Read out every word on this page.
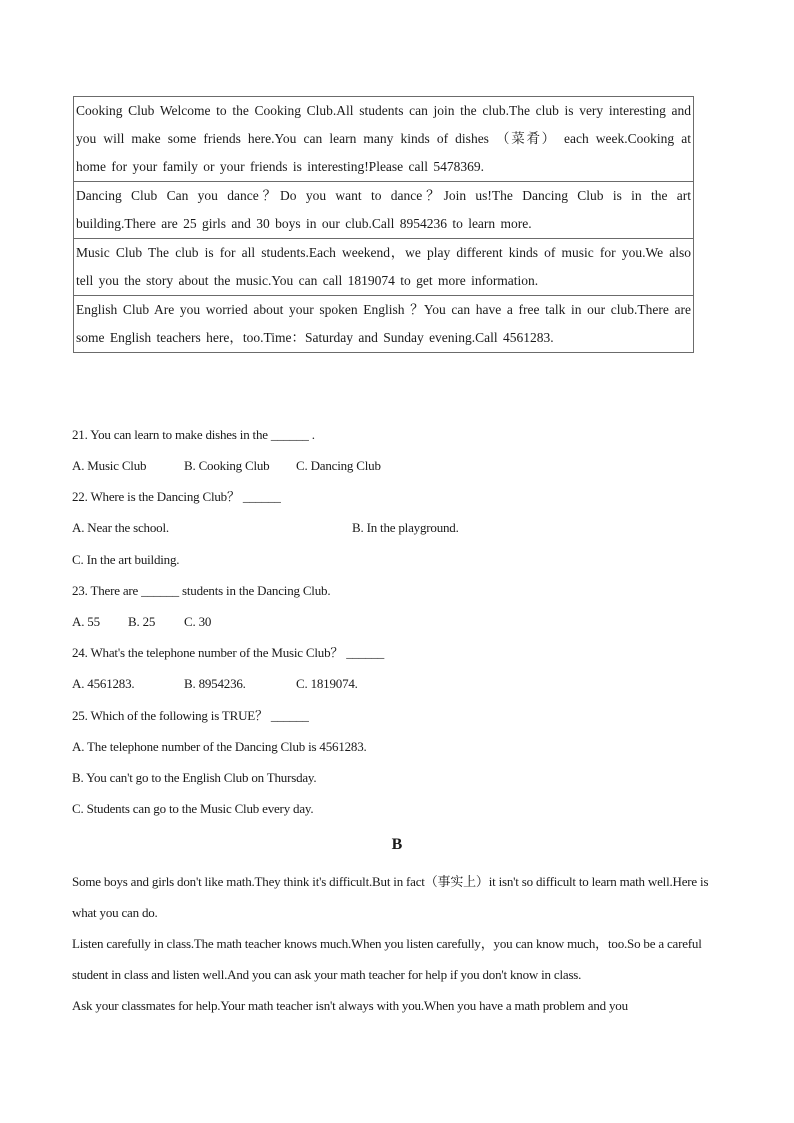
Cooking Club Welcome to the Cooking Club.All students can join the club.The club is very interesting and you will make some friends here.You can learn many kinds of dishes （菜肴） each week.Cooking at home for your family or your friends is interesting!Please call 5478369.
Dancing Club Can you dance？Do you want to dance？Join us!The Dancing Club is in the art building.There are 25 girls and 30 boys in our club.Call 8954236 to learn more.
Music Club The club is for all students.Each weekend，we play different kinds of music for you.We also tell you the story about the music.You can call 1819074 to get more information.
English Club Are you worried about your spoken English ？You can have a free talk in our club.There are some English teachers here，too.Time：Saturday and Sunday evening.Call 4561283.
21. You can learn to make dishes in the ______ .
A. Music Club	B. Cooking Club C. Dancing Club
22. Where is the Dancing Club？ ______
A. Near the school.	B. In the playground.
C. In the art building.
23. There are ______ students in the Dancing Club.
A. 55 B. 25 C. 30
24. What's the telephone number of the Music Club？ ______
A. 4561283.	B. 8954236.	C. 1819074.
25. Which of the following is TRUE？ ______
A. The telephone number of the Dancing Club is 4561283.
B. You can't go to the English Club on Thursday.
C. Students can go to the Music Club every day.
B
Some boys and girls don't like math.They think it's difficult.But in fact（事实上）it isn't so difficult to learn math well.Here is what you can do.
Listen carefully in class.The math teacher knows much.When you listen carefully，you can know much，too.So be a careful student in class and listen well.And you can ask your math teacher for help if you don't know in class.
Ask your classmates for help.Your math teacher isn't always with you.When you have a math problem and you
